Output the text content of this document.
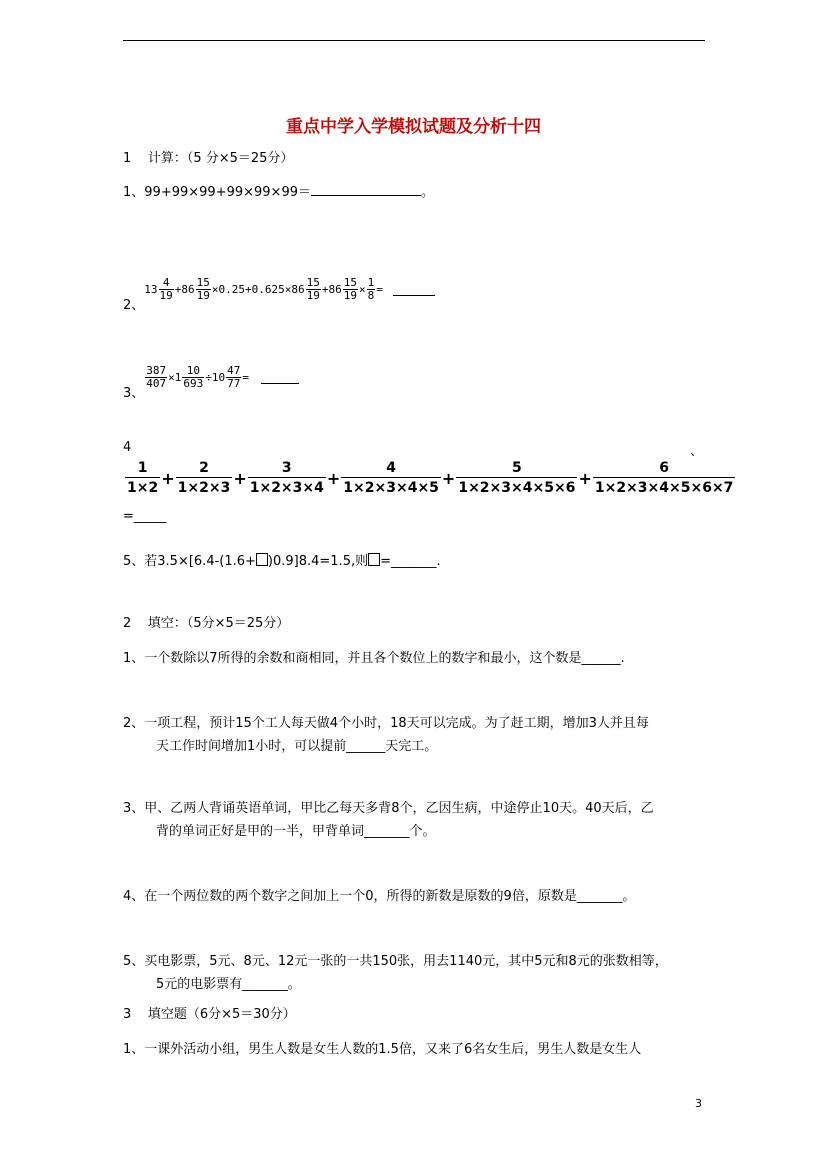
重点中学入学模拟试题及分析十四
1 计算：（5 分×5＝25分）
1、99+99×99+99×99×99＝	。
2、
$13 \frac{4}{19} +86 \frac{15}{19} \times 0.25+0.625\times 86 \frac{15}{19} +86 \frac{15}{19} \times \frac{1}{8}$ =
3、
$\frac{387}{407} \times 1 \frac{10}{693} \div 10 \frac{47}{77}$ =
4	、
1
1×2
+ $\frac{2}{1\times 2\times 3} + \frac{3}{1\times 2\times 3\times 4} + \frac{4}{1\times 2\times 3\times 4\times 5} + \frac{5}{1\times 2\times 3\times 4\times 5\times 6} + \frac{6}{1\times 2\times 3\times 4\times 5\times 6\times 7}$
=_____
5、若3.5×[6.4-(1.6+ )0.9]8.4=1.5,则 =_______.
2 填空：（5分×5＝25分）
1、一个数除以7所得的余数和商相同，并且各个数位上的数字和最小，这个数是______.
2、一项工程，预计15个工人每天做4个小时，18天可以完成。为了赶工期，增加3人并且每
天工作时间增加1小时，可以提前______天完工。
3、甲、乙两人背诵英语单词，甲比乙每天多背8个，乙因生病，中途停止10天。40天后，乙
背的单词正好是甲的一半，甲背单词_______个。
4、在一个两位数的两个数字之间加上一个0，所得的新数是原数的9倍，原数是_______。
5、买电影票，5元、8元、12元一张的一共150张，用去1140元，其中5元和8元的张数相等，
5元的电影票有_______。
3 填空题（6分×5＝30分）
1、一课外活动小组，男生人数是女生人数的1.5倍，又来了6名女生后，男生人数是女生人
3
